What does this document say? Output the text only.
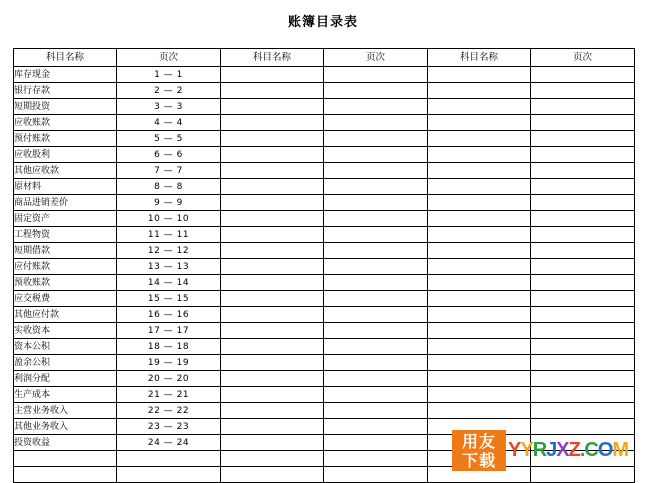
账簿目录表
科目名称	页次	科目名称	页次	科目名称	页次
库存现金	1 — 1				
银行存款	2 — 2				
短期投资	3 — 3				
应收账款	4 — 4				
预付账款	5 — 5				
应收股利	6 — 6				
其他应收款	7 — 7				
原材料	8 — 8				
商品进销差价	9 — 9				
固定资产	10 — 10				
工程物资	11 — 11				
短期借款	12 — 12				
应付账款	13 — 13				
预收账款	14 — 14				
应交税费	15 — 15				
其他应付款	16 — 16				
实收资本	17 — 17				
资本公积	18 — 18				
盈余公积	19 — 19				
利润分配	20 — 20				
生产成本	21 — 21				
主营业务收入	22 — 22				
其他业务收入	23 — 23				
投资收益	24 — 24				

						用友
下载 Y Y R J X Z . C O M
